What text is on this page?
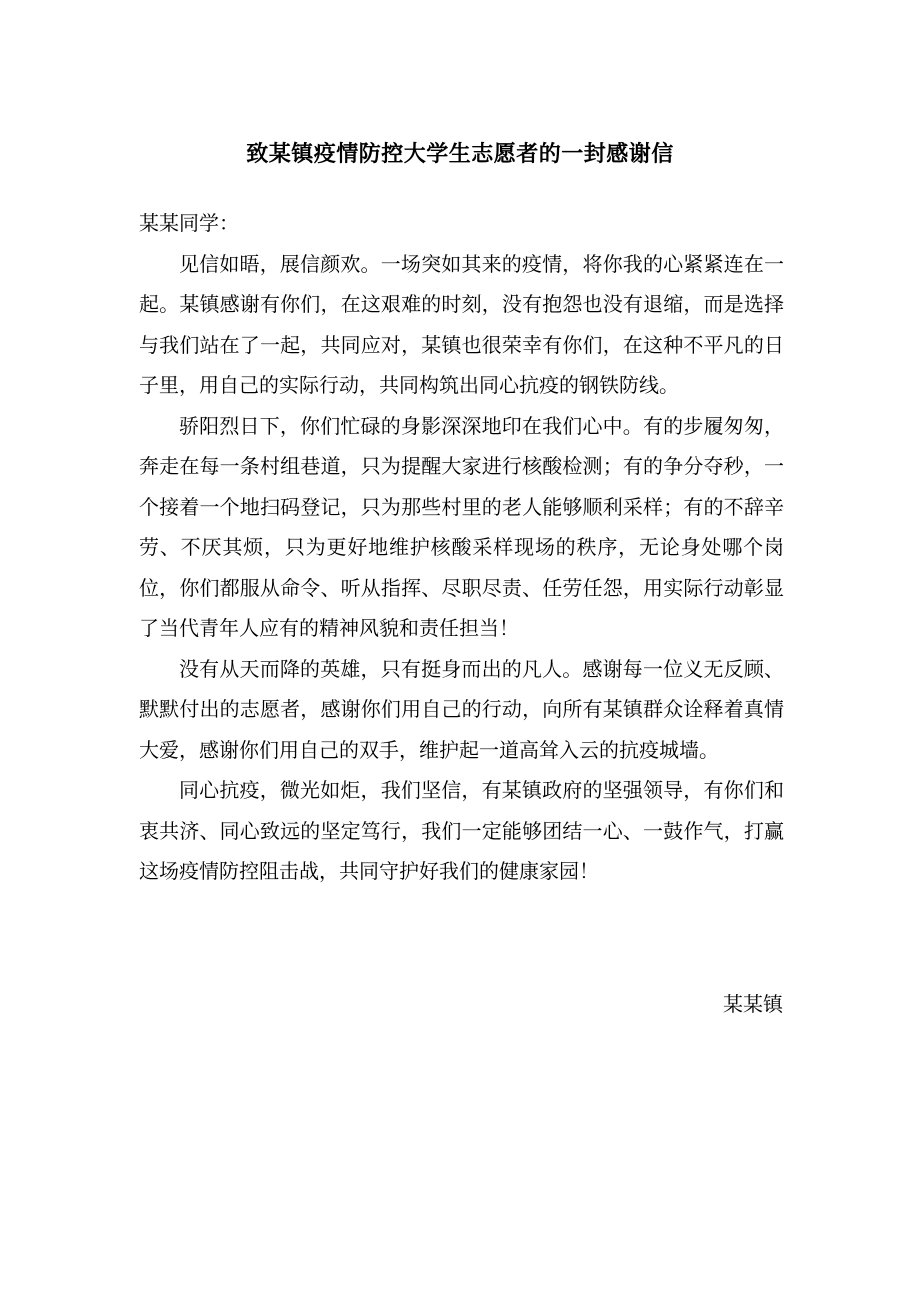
致某镇疫情防控大学生志愿者的一封感谢信

某某同学：

见信如晤，展信颜欢。一场突如其来的疫情，将你我的心紧紧连在一起。某镇感谢有你们，在这艰难的时刻，没有抱怨也没有退缩，而是选择与我们站在了一起，共同应对，某镇也很荣幸有你们，在这种不平凡的日子里，用自己的实际行动，共同构筑出同心抗疫的钢铁防线。

骄阳烈日下，你们忙碌的身影深深地印在我们心中。有的步履匆匆，奔走在每一条村组巷道，只为提醒大家进行核酸检测；有的争分夺秒，一个接着一个地扫码登记，只为那些村里的老人能够顺利采样；有的不辞辛劳、不厌其烦，只为更好地维护核酸采样现场的秩序，无论身处哪个岗位，你们都服从命令、听从指挥、尽职尽责、任劳任怨，用实际行动彰显了当代青年人应有的精神风貌和责任担当！

没有从天而降的英雄，只有挺身而出的凡人。感谢每一位义无反顾、默默付出的志愿者，感谢你们用自己的行动，向所有某镇群众诠释着真情大爱，感谢你们用自己的双手，维护起一道高耸入云的抗疫城墙。

同心抗疫，微光如炬，我们坚信，有某镇政府的坚强领导，有你们和衷共济、同心致远的坚定笃行，我们一定能够团结一心、一鼓作气，打赢这场疫情防控阻击战，共同守护好我们的健康家园！

某某镇
